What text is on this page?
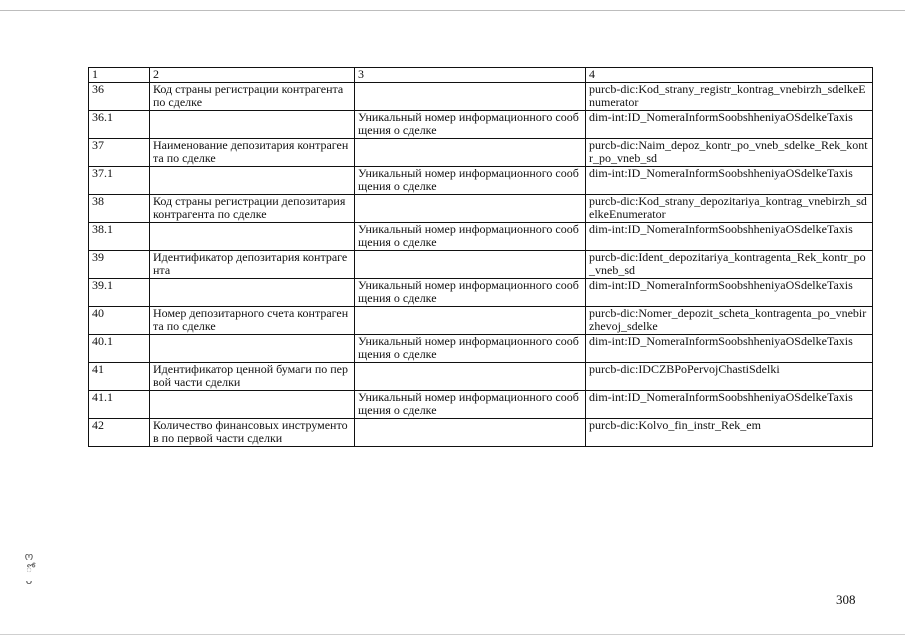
1	2	3	4
36	Код страны регистрации контрагента по сделке		purcb-dic:Kod_strany_registr_kontrag_vnebirzh_sdelkeEnumerator
36.1		Уникальный номер информационного сообщения о сделке	dim-int:ID_NomeraInformSoobshheniyaOSdelkeTaxis
37	Наименование депозитария контрагента по сделке		purcb-dic:Naim_depoz_kontr_po_vneb_sdelke_Rek_kontr_po_vneb_sd
37.1		Уникальный номер информационного сообщения о сделке	dim-int:ID_NomeraInformSoobshheniyaOSdelkeTaxis
38	Код страны регистрации депозитария контрагента по сделке		purcb-dic:Kod_strany_depozitariya_kontrag_vnebirzh_sdelkeEnumerator
38.1		Уникальный номер информационного сообщения о сделке	dim-int:ID_NomeraInformSoobshheniyaOSdelkeTaxis
39	Идентификатор депозитария контрагента		purcb-dic:Ident_depozitariya_kontragenta_Rek_kontr_po_vneb_sd
39.1		Уникальный номер информационного сообщения о сделке	dim-int:ID_NomeraInformSoobshheniyaOSdelkeTaxis
40	Номер депозитарного счета контрагента по сделке		purcb-dic:Nomer_depozit_scheta_kontragenta_po_vnebirzhevoj_sdelke
40.1		Уникальный номер информационного сообщения о сделке	dim-int:ID_NomeraInformSoobshheniyaOSdelkeTaxis
41	Идентификатор ценной бумаги по первой части сделки		purcb-dic:IDCZBPoPervojChastiSdelki
41.1		Уникальный номер информационного сообщения о сделке	dim-int:ID_NomeraInformSoobshheniyaOSdelkeTaxis
42	Количество финансовых инструментов по первой части сделки		purcb-dic:Kolvo_fin_instr_Rek_em
ო
ో
ᴗ
308
